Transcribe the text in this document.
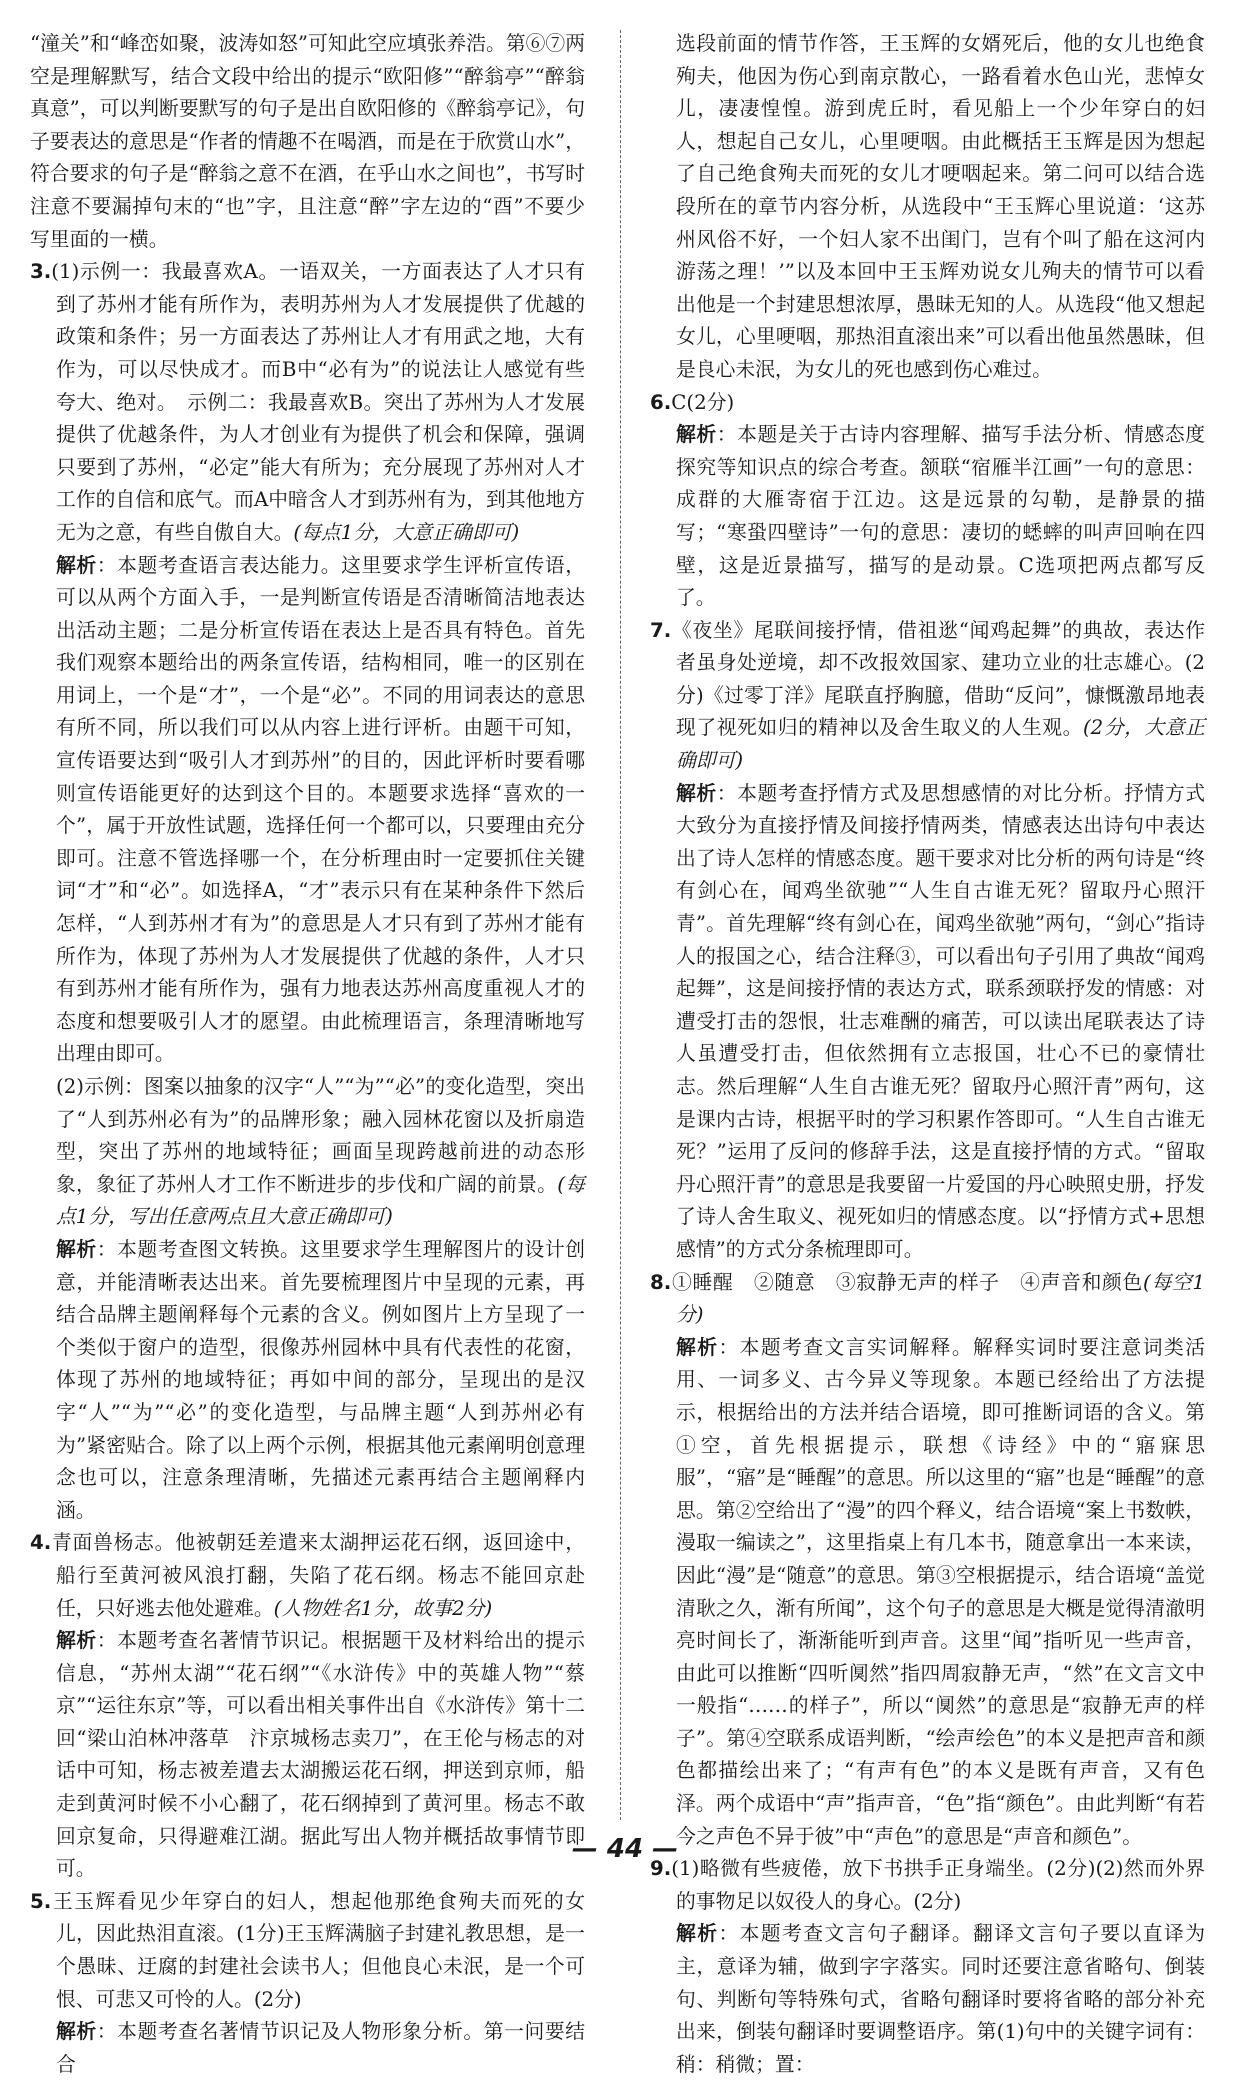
“潼关”和“峰峦如聚，波涛如怒”可知此空应填张养浩。第⑥⑦两空是理解默写，结合文段中给出的提示“欧阳修”“醉翁亭”“醉翁真意”，可以判断要默写的句子是出自欧阳修的《醉翁亭记》，句子要表达的意思是“作者的情趣不在喝酒，而是在于欣赏山水”，符合要求的句子是“醉翁之意不在酒，在乎山水之间也”，书写时注意不要漏掉句末的“也”字，且注意“醉”字左边的“酉”不要少写里面的一横。

3.(1)示例一：我最喜欢A。一语双关，一方面表达了人才只有到了苏州才能有所作为，表明苏州为人才发展提供了优越的政策和条件；另一方面表达了苏州让人才有用武之地，大有作为，可以尽快成才。而B中“必有为”的说法让人感觉有些夸大、绝对。　示例二：我最喜欢B。突出了苏州为人才发展提供了优越条件，为人才创业有为提供了机会和保障，强调只要到了苏州，“必定”能大有所为；充分展现了苏州对人才工作的自信和底气。而A中暗含人才到苏州有为，到其他地方无为之意，有些自傲自大。(每点1分，大意正确即可)

解析：本题考查语言表达能力。这里要求学生评析宣传语，可以从两个方面入手，一是判断宣传语是否清晰简洁地表达出活动主题；二是分析宣传语在表达上是否具有特色。首先我们观察本题给出的两条宣传语，结构相同，唯一的区别在用词上，一个是“才”，一个是“必”。不同的用词表达的意思有所不同，所以我们可以从内容上进行评析。由题干可知，宣传语要达到“吸引人才到苏州”的目的，因此评析时要看哪则宣传语能更好的达到这个目的。本题要求选择“喜欢的一个”，属于开放性试题，选择任何一个都可以，只要理由充分即可。注意不管选择哪一个，在分析理由时一定要抓住关键词“才”和“必”。如选择A，“才”表示只有在某种条件下然后怎样，“人到苏州才有为”的意思是人才只有到了苏州才能有所作为，体现了苏州为人才发展提供了优越的条件，人才只有到苏州才能有所作为，强有力地表达苏州高度重视人才的态度和想要吸引人才的愿望。由此梳理语言，条理清晰地写出理由即可。

(2)示例：图案以抽象的汉字“人”“为”“必”的变化造型，突出了“人到苏州必有为”的品牌形象；融入园林花窗以及折扇造型，突出了苏州的地域特征；画面呈现跨越前进的动态形象，象征了苏州人才工作不断进步的步伐和广阔的前景。(每点1分，写出任意两点且大意正确即可)

解析：本题考查图文转换。这里要求学生理解图片的设计创意，并能清晰表达出来。首先要梳理图片中呈现的元素，再结合品牌主题阐释每个元素的含义。例如图片上方呈现了一个类似于窗户的造型，很像苏州园林中具有代表性的花窗，体现了苏州的地域特征；再如中间的部分，呈现出的是汉字“人”“为”“必”的变化造型，与品牌主题“人到苏州必有为”紧密贴合。除了以上两个示例，根据其他元素阐明创意理念也可以，注意条理清晰，先描述元素再结合主题阐释内涵。

4.青面兽杨志。他被朝廷差遣来太湖押运花石纲，返回途中，船行至黄河被风浪打翻，失陷了花石纲。杨志不能回京赴任，只好逃去他处避难。(人物姓名1分，故事2分)

解析：本题考查名著情节识记。根据题干及材料给出的提示信息，“苏州太湖”“花石纲”“《水浒传》中的英雄人物”“蔡京”“运往东京”等，可以看出相关事件出自《水浒传》第十二回“梁山泊林冲落草　汴京城杨志卖刀”，在王伦与杨志的对话中可知，杨志被差遣去太湖搬运花石纲，押送到京师，船走到黄河时候不小心翻了，花石纲掉到了黄河里。杨志不敢回京复命，只得避难江湖。据此写出人物并概括故事情节即可。

5.王玉辉看见少年穿白的妇人，想起他那绝食殉夫而死的女儿，因此热泪直滚。(1分)王玉辉满脑子封建礼教思想，是一个愚昧、迂腐的封建社会读书人；但他良心未泯，是一个可恨、可悲又可怜的人。(2分)

解析：本题考查名著情节识记及人物形象分析。第一问要结合

选段前面的情节作答，王玉辉的女婿死后，他的女儿也绝食殉夫，他因为伤心到南京散心，一路看着水色山光，悲悼女儿，凄凄惶惶。游到虎丘时，看见船上一个少年穿白的妇人，想起自己女儿，心里哽咽。由此概括王玉辉是因为想起了自己绝食殉夫而死的女儿才哽咽起来。第二问可以结合选段所在的章节内容分析，从选段中“王玉辉心里说道：‘这苏州风俗不好，一个妇人家不出闺门，岂有个叫了船在这河内游荡之理！’”以及本回中王玉辉劝说女儿殉夫的情节可以看出他是一个封建思想浓厚，愚昧无知的人。从选段“他又想起女儿，心里哽咽，那热泪直滚出来”可以看出他虽然愚昧，但是良心未泯，为女儿的死也感到伤心难过。

6.C(2分)

解析：本题是关于古诗内容理解、描写手法分析、情感态度探究等知识点的综合考查。颔联“宿雁半江画”一句的意思：成群的大雁寄宿于江边。这是远景的勾勒，是静景的描写；“寒蛩四壁诗”一句的意思：凄切的蟋蟀的叫声回响在四壁，这是近景描写，描写的是动景。C选项把两点都写反了。

7.《夜坐》尾联间接抒情，借祖逖“闻鸡起舞”的典故，表达作者虽身处逆境，却不改报效国家、建功立业的壮志雄心。(2分)《过零丁洋》尾联直抒胸臆，借助“反问”，慷慨激昂地表现了视死如归的精神以及舍生取义的人生观。(2分，大意正确即可)

解析：本题考查抒情方式及思想感情的对比分析。抒情方式大致分为直接抒情及间接抒情两类，情感表达出诗句中表达出了诗人怎样的情感态度。题干要求对比分析的两句诗是“终有剑心在，闻鸡坐欲驰”“人生自古谁无死？留取丹心照汗青”。首先理解“终有剑心在，闻鸡坐欲驰”两句，“剑心”指诗人的报国之心，结合注释③，可以看出句子引用了典故“闻鸡起舞”，这是间接抒情的表达方式，联系颈联抒发的情感：对遭受打击的怨恨，壮志难酬的痛苦，可以读出尾联表达了诗人虽遭受打击，但依然拥有立志报国，壮心不已的豪情壮志。然后理解“人生自古谁无死？留取丹心照汗青”两句，这是课内古诗，根据平时的学习积累作答即可。“人生自古谁无死？”运用了反问的修辞手法，这是直接抒情的方式。“留取丹心照汗青”的意思是我要留一片爱国的丹心映照史册，抒发了诗人舍生取义、视死如归的情感态度。以“抒情方式+思想感情”的方式分条梳理即可。

8.①睡醒　②随意　③寂静无声的样子　④声音和颜色(每空1分)

解析：本题考查文言实词解释。解释实词时要注意词类活用、一词多义、古今异义等现象。本题已经给出了方法提示，根据给出的方法并结合语境，即可推断词语的含义。第①空，首先根据提示，联想《诗经》中的“寤寐思服”，“寤”是“睡醒”的意思。所以这里的“寤”也是“睡醒”的意思。第②空给出了“漫”的四个释义，结合语境“案上书数帙，漫取一编读之”，这里指桌上有几本书，随意拿出一本来读，因此“漫”是“随意”的意思。第③空根据提示，结合语境“盖觉清耿之久，渐有所闻”，这个句子的意思是大概是觉得清澈明亮时间长了，渐渐能听到声音。这里“闻”指听见一些声音，由此可以推断“四听阒然”指四周寂静无声，“然”在文言文中一般指“……的样子”，所以“阒然”的意思是“寂静无声的样子”。第④空联系成语判断，“绘声绘色”的本义是把声音和颜色都描绘出来了；“有声有色”的本义是既有声音，又有色泽。两个成语中“声”指声音，“色”指“颜色”。由此判断“有若今之声色不异于彼”中“声色”的意思是“声音和颜色”。

9.(1)略微有些疲倦，放下书拱手正身端坐。(2分)(2)然而外界的事物足以奴役人的身心。(2分)

解析：本题考查文言句子翻译。翻译文言句子要以直译为主，意译为辅，做到字字落实。同时还要注意省略句、倒装句、判断句等特殊句式，省略句翻译时要将省略的部分补充出来，倒装句翻译时要调整语序。第(1)句中的关键字词有：稍：稍微；置：

— 44 —
